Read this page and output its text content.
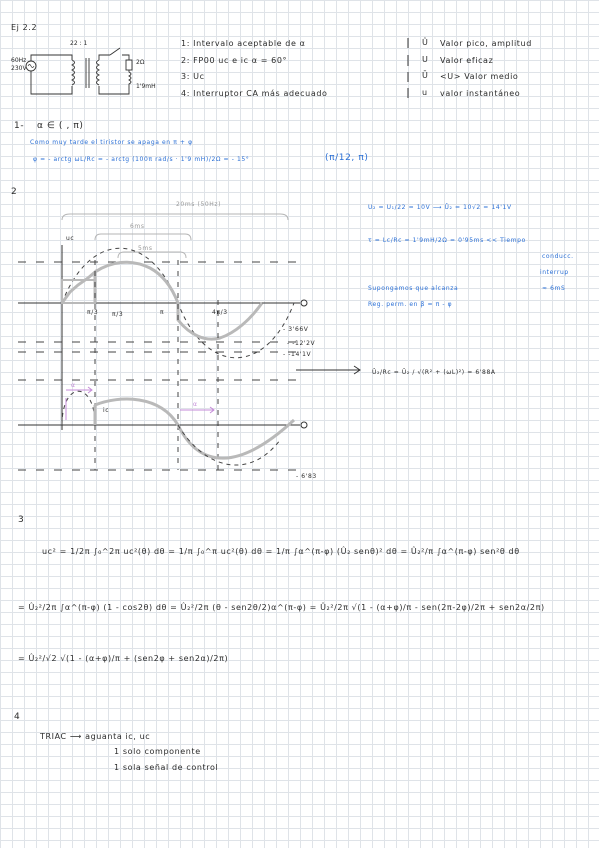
Ej 2.2
22 : 1
60Hz
230V
2Ω
1'9mH
1: Intervalo aceptable de α
2: FP00 uc e ic α = 60°
3: Uc
4: Interruptor CA más adecuado
Û Valor pico, amplitud
U Valor eficaz
Ū <U> Valor medio
u valor instantáneo
1- α ∈ ( , π)
Como muy tarde el tiristor se apaga en π + φ
φ = - arctg ωL/Rc = - arctg (100π rad/s · 1'9 mH)/2Ω = - 15°	(π/12, π)
2
U₂ = U₁/22 = 10V ⟶ Û₂ = 10√2 = 14'1V
τ = Lc/Rc = 1'9mH/2Ω = 0'95ms << Tiempo
conducc.
interrup
≈ 6mS
Supongamos que alcanza
Reg. perm. en β = π - φ
Û₂/Rc = Û₂ / √(R² + (ωL)²) = 6'88A
20ms (50Hz)
6ms
5ms
uc
ic
π/3 π/3	π	4π/3
- 3'66V
- -12'2V
- -14'1V
- 6'83
α
α
3
uc² = 1/2π ∫₀^2π uc²(θ) dθ = 1/π ∫₀^π uc²(θ) dθ = 1/π ∫α^(π-φ) (Û₂ senθ)² dθ = Û₂²/π ∫α^(π-φ) sen²θ dθ
= Û₂²/2π ∫α^(π-φ) (1 - cos2θ) dθ = Û₂²/2π (θ - sen2θ/2)α^(π-φ) = Û₂²/2π √(1 - (α+φ)/π - sen(2π-2φ)/2π + sen2α/2π)
= Û₂²/√2 √(1 - (α+φ)/π + (sen2φ + sen2α)/2π)
4
TRIAC ⟶ aguanta ic, uc
1 solo componente
1 sola señal de control
